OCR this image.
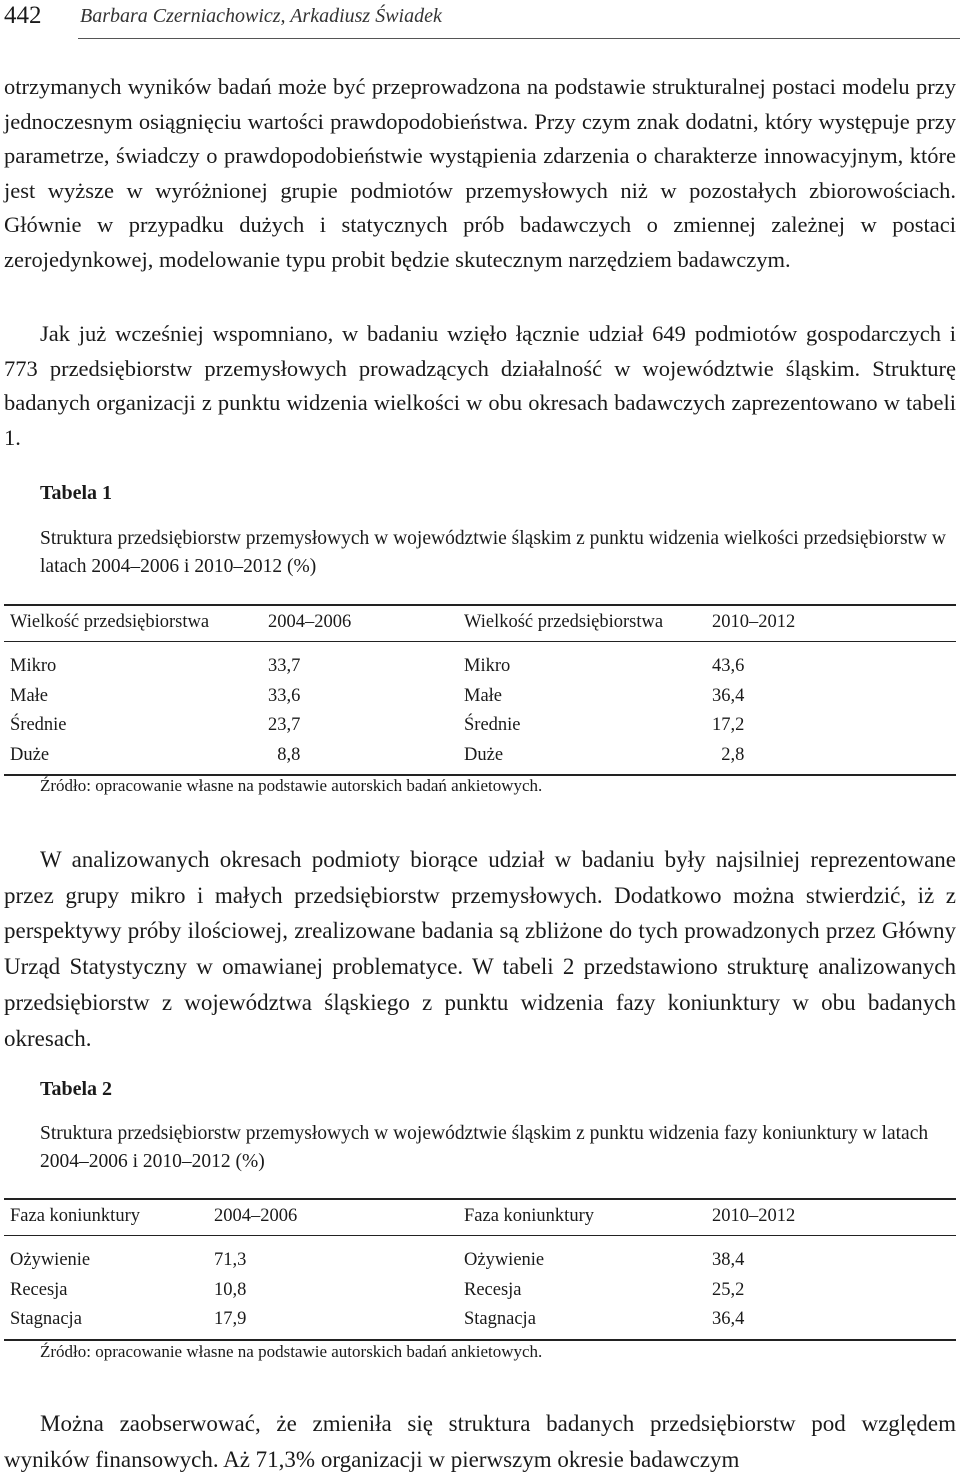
442 Barbara Czerniachowicz, Arkadiusz Świadek

otrzymanych wyników badań może być przeprowadzona na podstawie strukturalnej postaci modelu przy jednoczesnym osiągnięciu wartości prawdopodobieństwa. Przy czym znak dodatni, który występuje przy parametrze, świadczy o prawdopodobieństwie wystąpienia zdarzenia o charakterze innowacyjnym, które jest wyższe w wyróżnionej grupie podmiotów przemysłowych niż w pozostałych zbiorowościach. Głównie w przypadku dużych i statycznych prób badawczych o zmiennej zależnej w postaci zerojedynkowej, modelowanie typu probit będzie skutecznym narzędziem badawczym.

Jak już wcześniej wspomniano, w badaniu wzięło łącznie udział 649 podmiotów gospodarczych i 773 przedsiębiorstw przemysłowych prowadzących działalność w województwie śląskim. Strukturę badanych organizacji z punktu widzenia wielkości w obu okresach badawczych zaprezentowano w tabeli 1.

Tabela 1
Struktura przedsiębiorstw przemysłowych w województwie śląskim z punktu widzenia wielkości przedsiębiorstw w latach 2004–2006 i 2010–2012 (%)
Wielkość przedsiębiorstwa	2004–2006	Wielkość przedsiębiorstwa	2010–2012
Mikro	33,7	Mikro	43,6
Małe	33,6	Małe	36,4
Średnie	23,7	Średnie	17,2
Duże	 8,8	Duże	 2,8
Źródło: opracowanie własne na podstawie autorskich badań ankietowych.

W analizowanych okresach podmioty biorące udział w badaniu były najsilniej reprezentowane przez grupy mikro i małych przedsiębiorstw przemysłowych. Dodatkowo można stwierdzić, iż z perspektywy próby ilościowej, zrealizowane badania są zbliżone do tych prowadzonych przez Główny Urząd Statystyczny w omawianej problematyce. W tabeli 2 przedstawiono strukturę analizowanych przedsiębiorstw z województwa śląskiego z punktu widzenia fazy koniunktury w obu badanych okresach.

Tabela 2
Struktura przedsiębiorstw przemysłowych w województwie śląskim z punktu widzenia fazy koniunktury w latach 2004–2006 i 2010–2012 (%)
Faza koniunktury	2004–2006	Faza koniunktury	2010–2012
Ożywienie	71,3	Ożywienie	38,4
Recesja	10,8	Recesja	25,2
Stagnacja	17,9	Stagnacja	36,4
Źródło: opracowanie własne na podstawie autorskich badań ankietowych.

Można zaobserwować, że zmieniła się struktura badanych przedsiębiorstw pod względem wyników finansowych. Aż 71,3% organizacji w pierwszym okresie badawczym
